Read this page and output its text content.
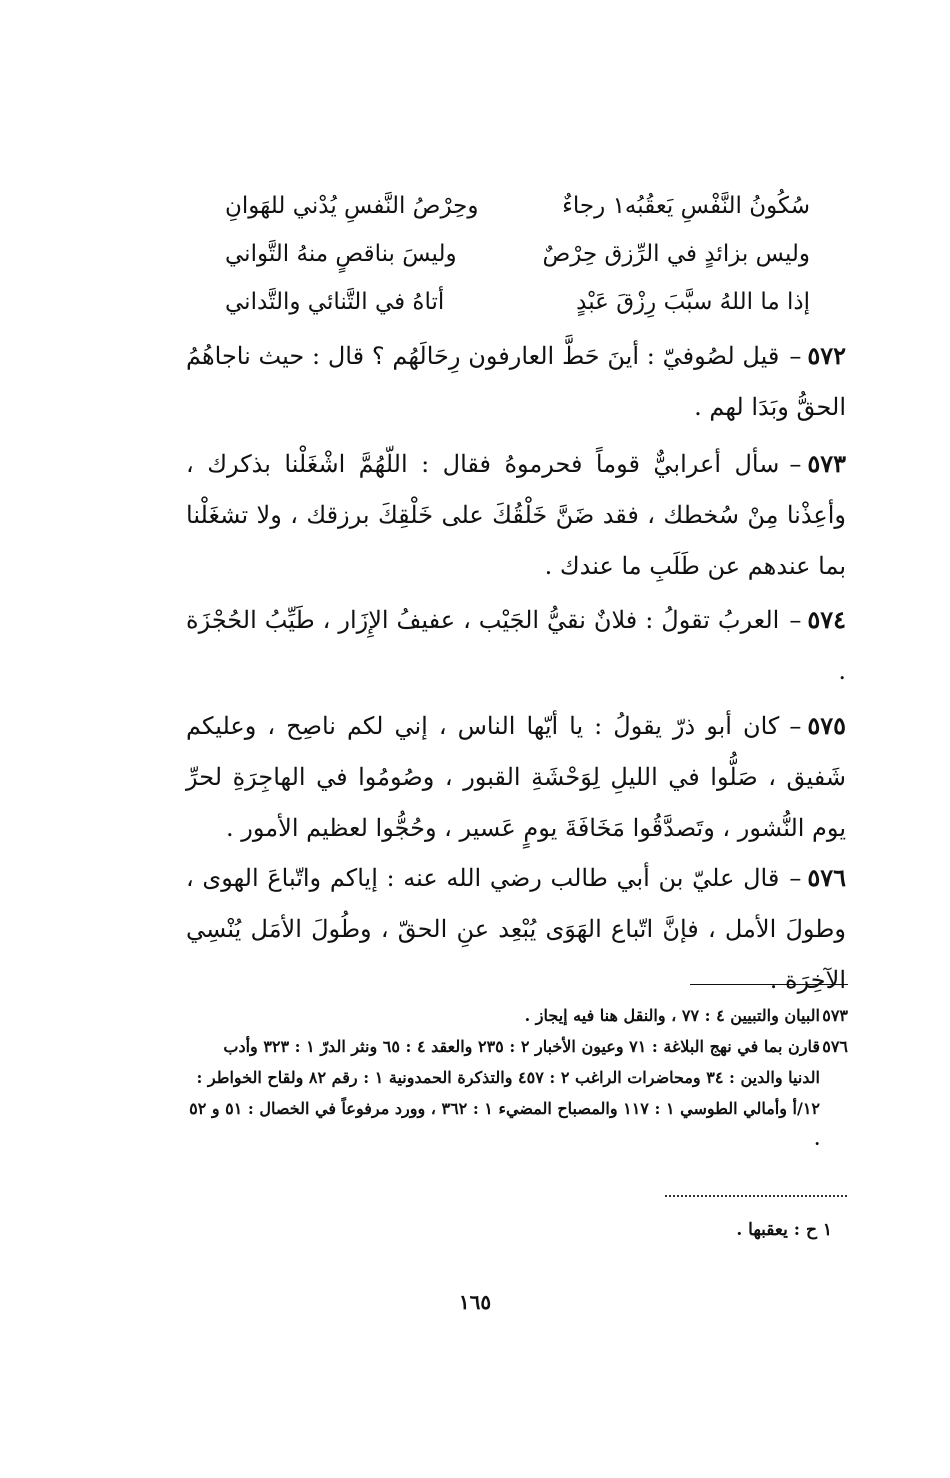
سُكُونُ النَّفْسِ يَعقُبُه١ رجاءٌ
وحِرْصُ النَّفسِ يُدْني للهَوانِ
وليس بزائدٍ في الرِّزق حِرْصٌ
وليسَ بناقصٍ منهُ التَّواني
إذا ما اللهُ سبَّبَ رِزْقَ عَبْدٍ
أتاهُ في التَّنائي والتَّداني
٥٧٢–قيل لصُوفيّ : أينَ حَطَّ العارفون رِحَالَهُم ؟ قال : حيث ناجاهُمُ الحقُّ وبَدَا لهم .
٥٧٣–سأل أعرابيٌّ قوماً فحرموهُ فقال : اللّهُمَّ اشْغَلْنا بذكرك ، وأعِذْنا مِنْ سُخطك ، فقد ضَنَّ خَلْقُكَ على خَلْقِكَ برزقك ، ولا تشغَلْنا بما عندهم عن طَلَبِ ما عندك .
٥٧٤–العربُ تقولُ : فلانٌ نقيُّ الجَيْب ، عفيفُ الإِزَار ، طَيِّبُ الحُجْزَة .
٥٧٥–كان أبو ذرّ يقولُ : يا أيّها الناس ، إني لكم ناصِح ، وعليكم شَفيق ، صَلُّوا في الليلِ لِوَحْشَةِ القبور ، وصُومُوا في الهاجِرَةِ لحرِّ يوم النُّشور ، وتَصدَّقُوا مَخَافَةَ يومٍ عَسير ، وحُجُّوا لعظيم الأمور .
٥٧٦–قال عليّ بن أبي طالب رضي الله عنه : إياكم واتّباعَ الهوى ، وطولَ الأمل ، فإنَّ اتّباع الهَوَى يُبْعِد عنِ الحقّ ، وطُولَ الأمَل يُنْسِي الآخِرَة .
٥٧٣
البيان والتبيين ٤ : ٧٧ ، والنقل هنا فيه إيجاز .
٥٧٦
قارن بما في نهج البلاغة : ٧١ وعيون الأخبار ٢ : ٢٣٥ والعقد ٤ : ٦٥ ونثر الدرّ ١ : ٣٢٣ وأدب الدنيا والدين : ٣٤ ومحاضرات الراغب ٢ : ٤٥٧ والتذكرة الحمدونية ١ : رقم ٨٢ ولقاح الخواطر : ١٢/أ وأمالي الطوسي ١ : ١١٧ والمصباح المضيء ١ : ٣٦٢ ، وورد مرفوعاً في الخصال : ٥١ و ٥٢ .
١ ح : يعقبها .
١٦٥
